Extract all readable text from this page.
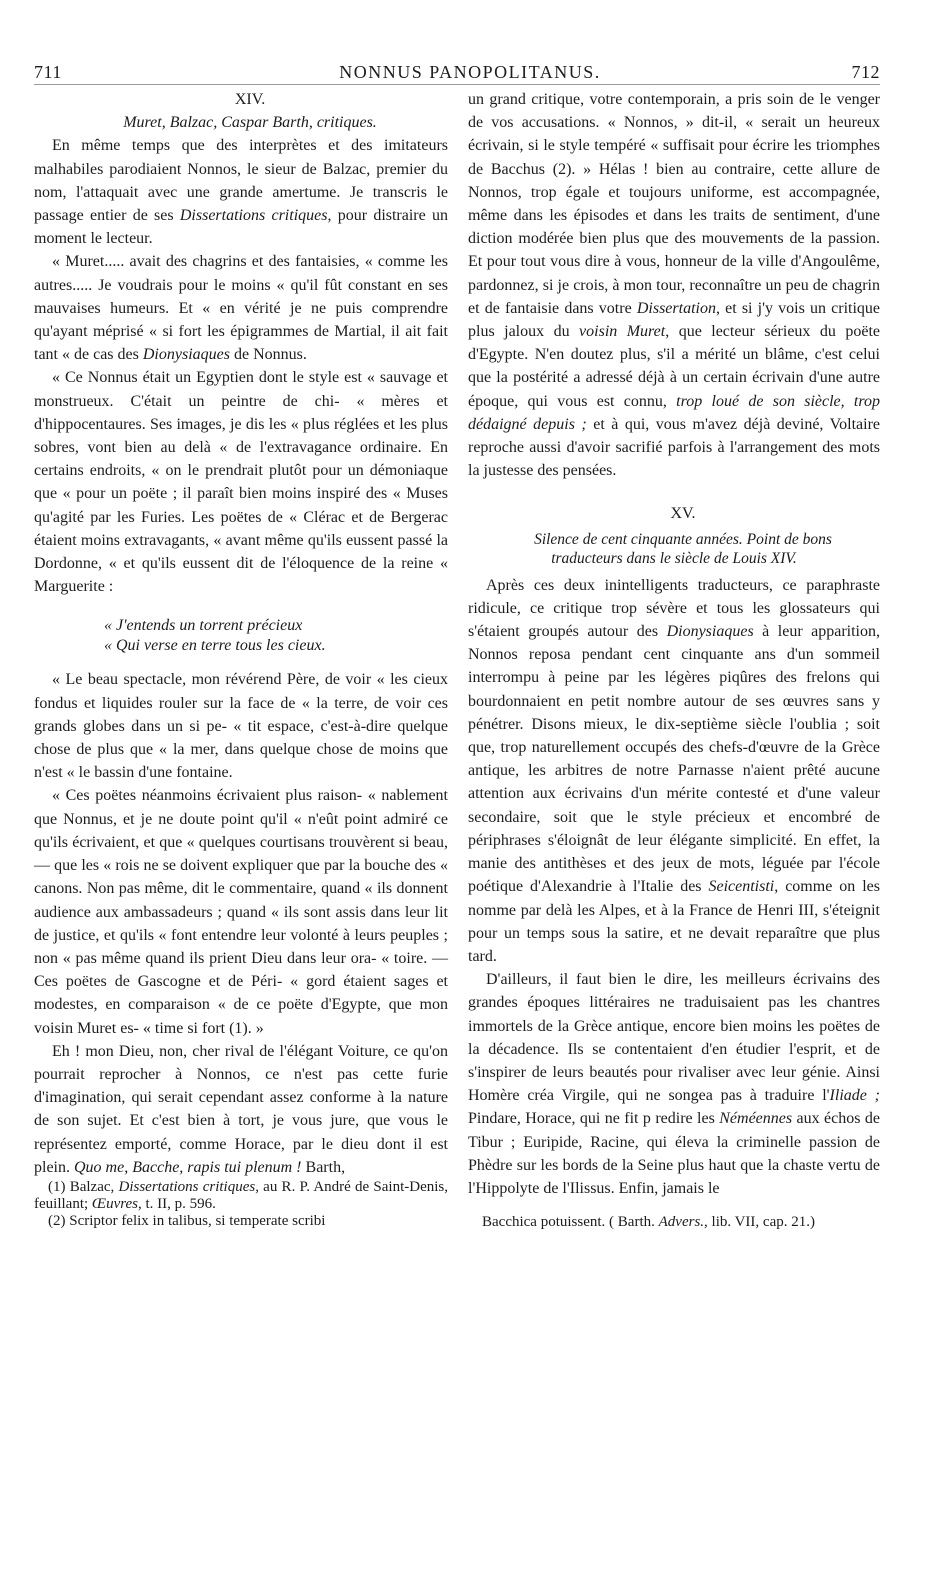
711	NONNUS PANOPOLITANUS.	712

XIV.

Muret, Balzac, Caspar Barth, critiques.

En même temps que des interprètes et des imitateurs malhabiles parodiaient Nonnos, le sieur de Balzac, premier du nom, l'attaquait avec une grande amertume. Je transcris le passage entier de ses Dissertations critiques, pour distraire un moment le lecteur.

« Muret..... avait des chagrins et des fantaisies, « comme les autres..... Je voudrais pour le moins « qu'il fût constant en ses mauvaises humeurs. Et « en vérité je ne puis comprendre qu'ayant méprisé « si fort les épigrammes de Martial, il ait fait tant « de cas des Dionysiaques de Nonnus.

« Ce Nonnus était un Egyptien dont le style est « sauvage et monstrueux. C'était un peintre de chi- « mères et d'hippocentaures. Ses images, je dis les « plus réglées et les plus sobres, vont bien au delà « de l'extravagance ordinaire. En certains endroits, « on le prendrait plutôt pour un démoniaque que « pour un poëte ; il paraît bien moins inspiré des « Muses qu'agité par les Furies. Les poëtes de « Clérac et de Bergerac étaient moins extravagants, « avant même qu'ils eussent passé la Dordonne, « et qu'ils eussent dit de l'éloquence de la reine « Marguerite :

« J'entends un torrent précieux

« Qui verse en terre tous les cieux.

« Le beau spectacle, mon révérend Père, de voir « les cieux fondus et liquides rouler sur la face de « la terre, de voir ces grands globes dans un si pe- « tit espace, c'est-à-dire quelque chose de plus que « la mer, dans quelque chose de moins que n'est « le bassin d'une fontaine.

« Ces poëtes néanmoins écrivaient plus raison- « nablement que Nonnus, et je ne doute point qu'il « n'eût point admiré ce qu'ils écrivaient, et que « quelques courtisans trouvèrent si beau, — que les « rois ne se doivent expliquer que par la bouche des « canons. Non pas même, dit le commentaire, quand « ils donnent audience aux ambassadeurs ; quand « ils sont assis dans leur lit de justice, et qu'ils « font entendre leur volonté à leurs peuples ; non « pas même quand ils prient Dieu dans leur ora- « toire. — Ces poëtes de Gascogne et de Péri- « gord étaient sages et modestes, en comparaison « de ce poëte d'Egypte, que mon voisin Muret es- « time si fort (1). »

Eh ! mon Dieu, non, cher rival de l'élégant Voiture, ce qu'on pourrait reprocher à Nonnos, ce n'est pas cette furie d'imagination, qui serait cependant assez conforme à la nature de son sujet. Et c'est bien à tort, je vous jure, que vous le représentez emporté, comme Horace, par le dieu dont il est plein. Quo me, Bacche, rapis tui plenum ! Barth,

(1) Balzac, Dissertations critiques, au R. P. André de Saint-Denis, feuillant; Œuvres, t. II, p. 596.

(2) Scriptor felix in talibus, si temperate scribi

un grand critique, votre contemporain, a pris soin de le venger de vos accusations. « Nonnos, » dit-il, « serait un heureux écrivain, si le style tempéré « suffisait pour écrire les triomphes de Bacchus (2). » Hélas ! bien au contraire, cette allure de Nonnos, trop égale et toujours uniforme, est accompagnée, même dans les épisodes et dans les traits de sentiment, d'une diction modérée bien plus que des mouvements de la passion. Et pour tout vous dire à vous, honneur de la ville d'Angoulême, pardonnez, si je crois, à mon tour, reconnaître un peu de chagrin et de fantaisie dans votre Dissertation, et si j'y vois un critique plus jaloux du voisin Muret, que lecteur sérieux du poëte d'Egypte. N'en doutez plus, s'il a mérité un blâme, c'est celui que la postérité a adressé déjà à un certain écrivain d'une autre époque, qui vous est connu, trop loué de son siècle, trop dédaigné depuis ; et à qui, vous m'avez déjà deviné, Voltaire reproche aussi d'avoir sacrifié parfois à l'arrangement des mots la justesse des pensées.

XV.

Silence de cent cinquante années. Point de bons traducteurs dans le siècle de Louis XIV.

Après ces deux inintelligents traducteurs, ce paraphraste ridicule, ce critique trop sévère et tous les glossateurs qui s'étaient groupés autour des Dionysiaques à leur apparition, Nonnos reposa pendant cent cinquante ans d'un sommeil interrompu à peine par les légères piqûres des frelons qui bourdonnaient en petit nombre autour de ses œuvres sans y pénétrer. Disons mieux, le dix-septième siècle l'oublia ; soit que, trop naturellement occupés des chefs-d'œuvre de la Grèce antique, les arbitres de notre Parnasse n'aient prêté aucune attention aux écrivains d'un mérite contesté et d'une valeur secondaire, soit que le style précieux et encombré de périphrases s'éloignât de leur élégante simplicité. En effet, la manie des antithèses et des jeux de mots, léguée par l'école poétique d'Alexandrie à l'Italie des Seicentisti, comme on les nomme par delà les Alpes, et à la France de Henri III, s'éteignit pour un temps sous la satire, et ne devait reparaître que plus tard.

D'ailleurs, il faut bien le dire, les meilleurs écrivains des grandes époques littéraires ne traduisaient pas les chantres immortels de la Grèce antique, encore bien moins les poëtes de la décadence. Ils se contentaient d'en étudier l'esprit, et de s'inspirer de leurs beautés pour rivaliser avec leur génie. Ainsi Homère créa Virgile, qui ne songea pas à traduire l'Iliade ; Pindare, Horace, qui ne fit p redire les Néméennes aux échos de Tibur ; Euripide, Racine, qui éleva la criminelle passion de Phèdre sur les bords de la Seine plus haut que la chaste vertu de l'Hippolyte de l'Ilissus. Enfin, jamais le

Bacchica potuissent. ( Barth. Advers., lib. VII, cap. 21.)
